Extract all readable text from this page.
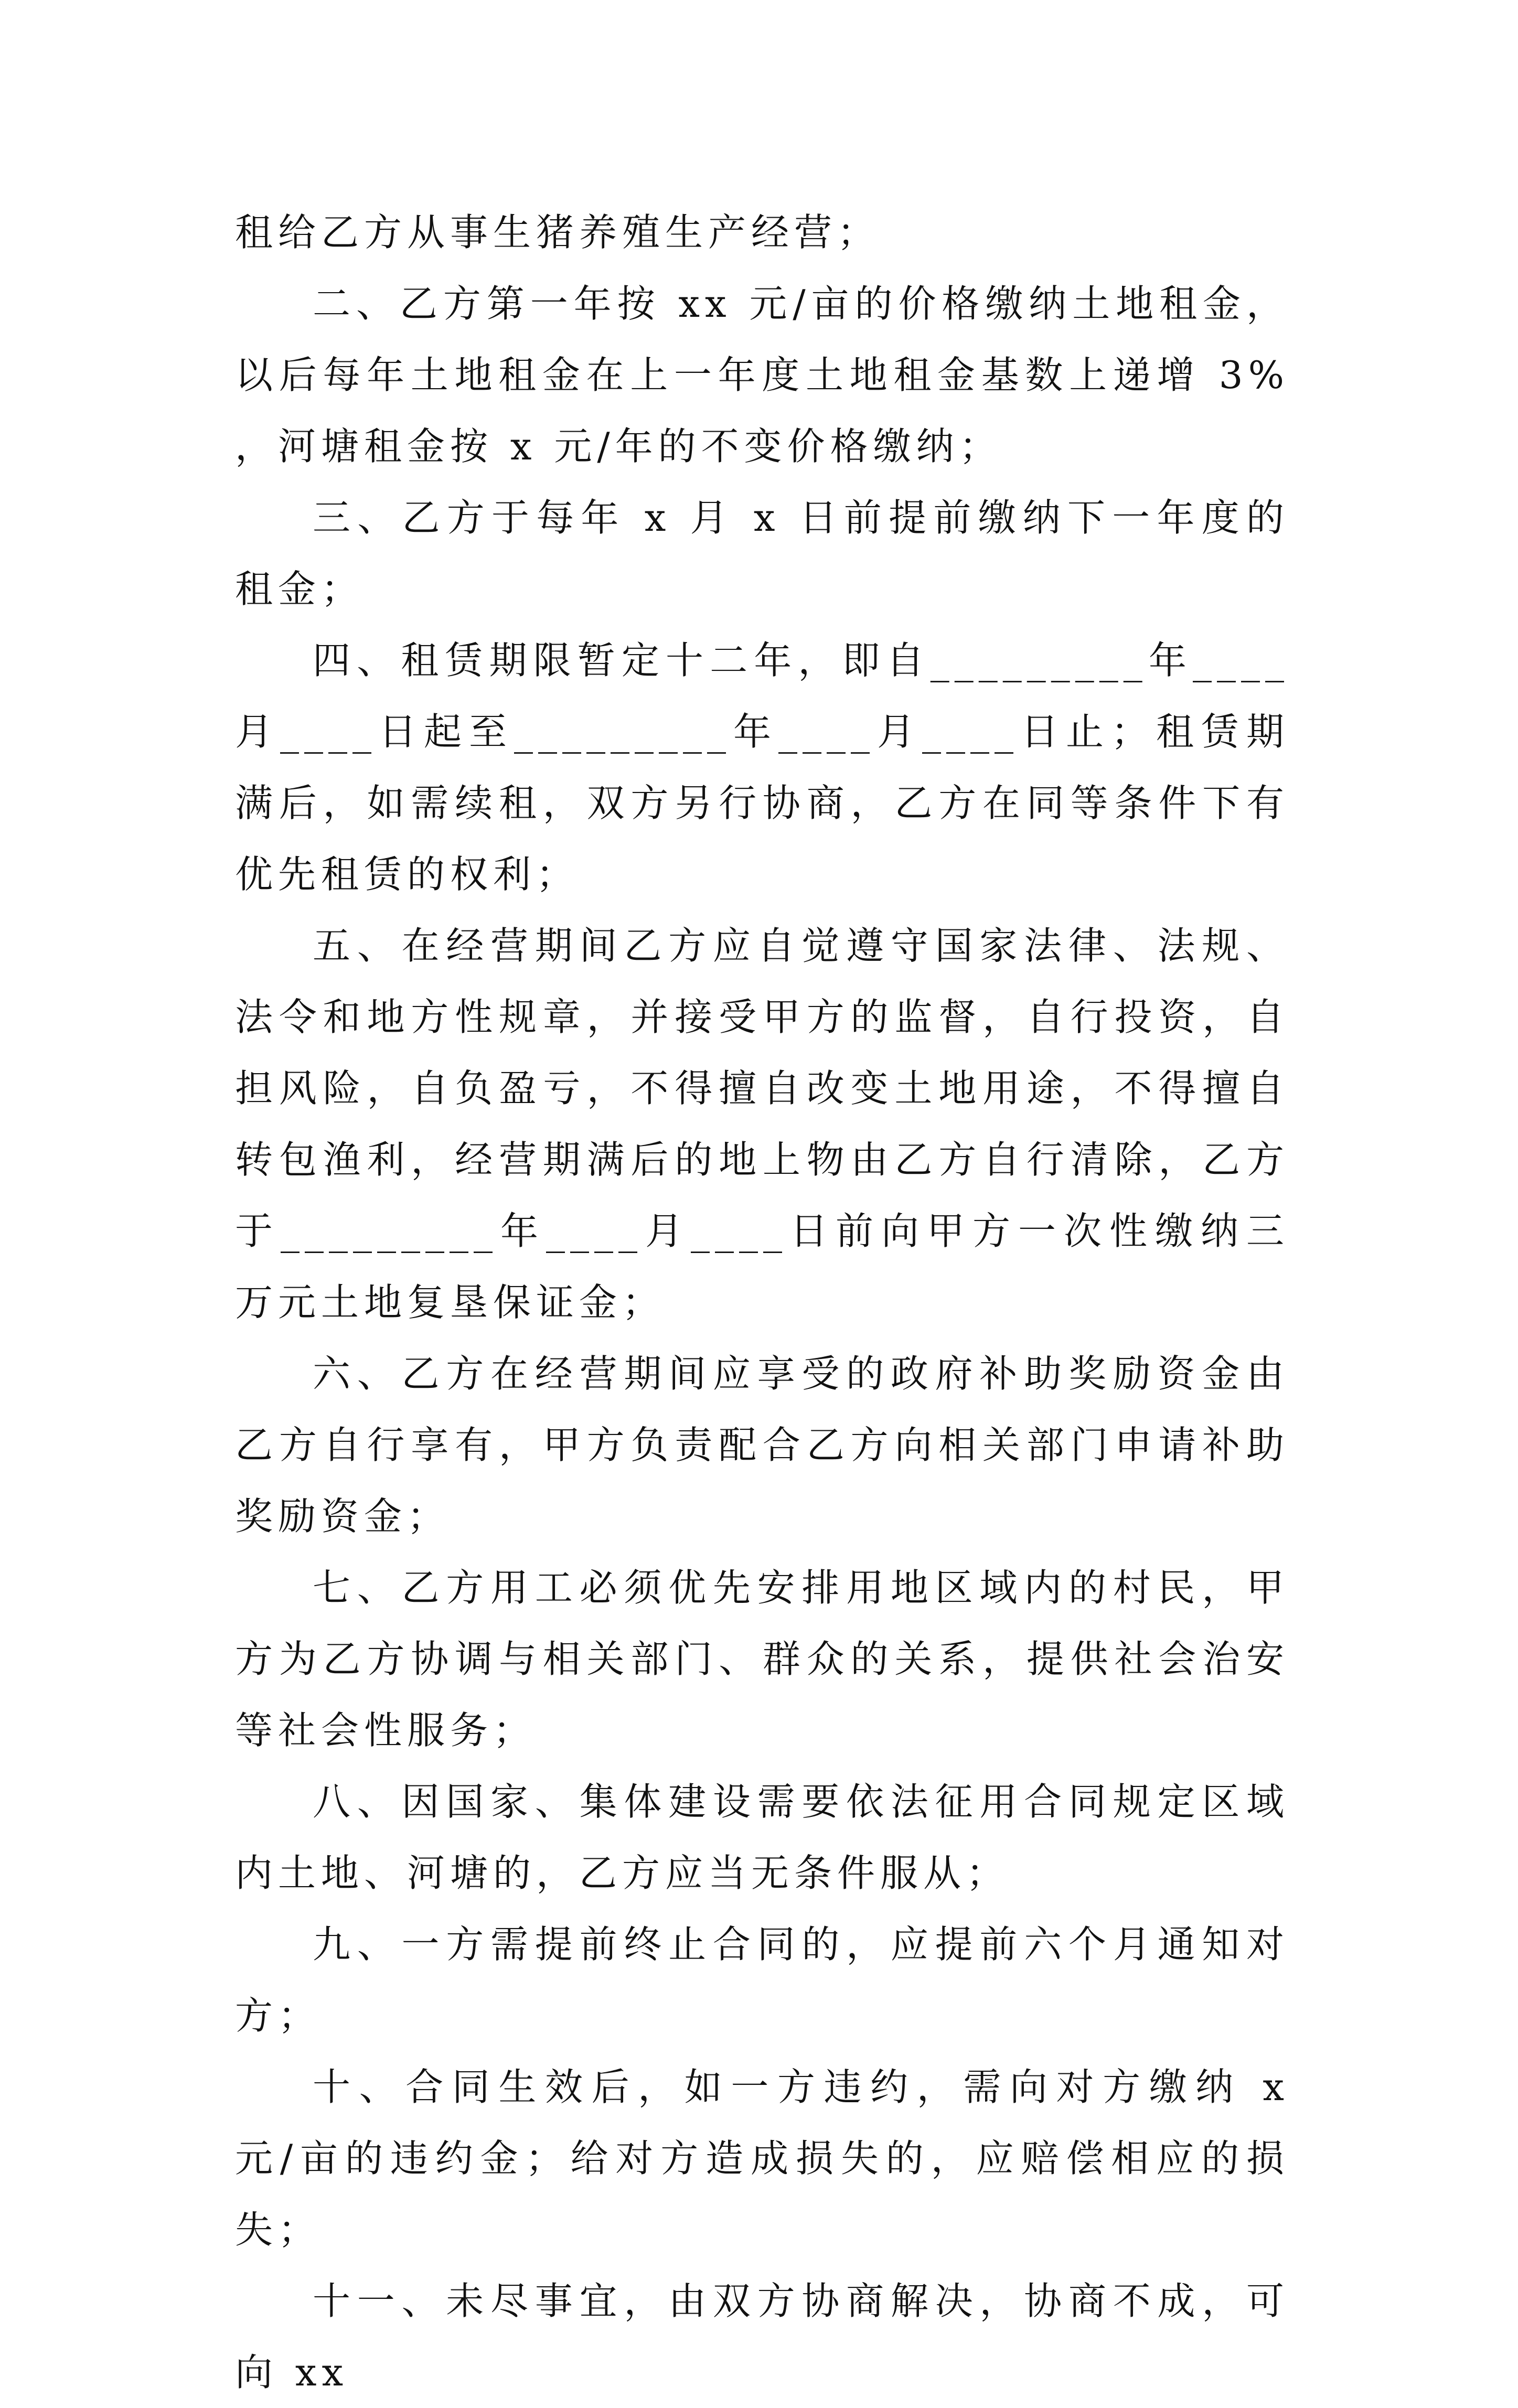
租给乙方从事生猪养殖生产经营；

二、乙方第一年按 xx 元/亩的价格缴纳土地租金，以后每年土地租金在上一年度土地租金基数上递增 3% ，河塘租金按 x 元/年的不变价格缴纳；

三、乙方于每年 x 月 x 日前提前缴纳下一年度的租金；

四、租赁期限暂定十二年，即自_________年____月____日起至_________年____月____日止；租赁期满后，如需续租，双方另行协商，乙方在同等条件下有优先租赁的权利；

五、在经营期间乙方应自觉遵守国家法律、法规、法令和地方性规章，并接受甲方的监督，自行投资，自担风险，自负盈亏，不得擅自改变土地用途，不得擅自转包渔利，经营期满后的地上物由乙方自行清除，乙方于_________年____月____日前向甲方一次性缴纳三万元土地复垦保证金；

六、乙方在经营期间应享受的政府补助奖励资金由乙方自行享有，甲方负责配合乙方向相关部门申请补助奖励资金；

七、乙方用工必须优先安排用地区域内的村民，甲方为乙方协调与相关部门、群众的关系，提供社会治安等社会性服务；

八、因国家、集体建设需要依法征用合同规定区域内土地、河塘的，乙方应当无条件服从；

九、一方需提前终止合同的，应提前六个月通知对方；

十、合同生效后，如一方违约，需向对方缴纳 x 元/亩的违约金；给对方造成损失的，应赔偿相应的损失；

十一、未尽事宜，由双方协商解决，协商不成，可向 xx
